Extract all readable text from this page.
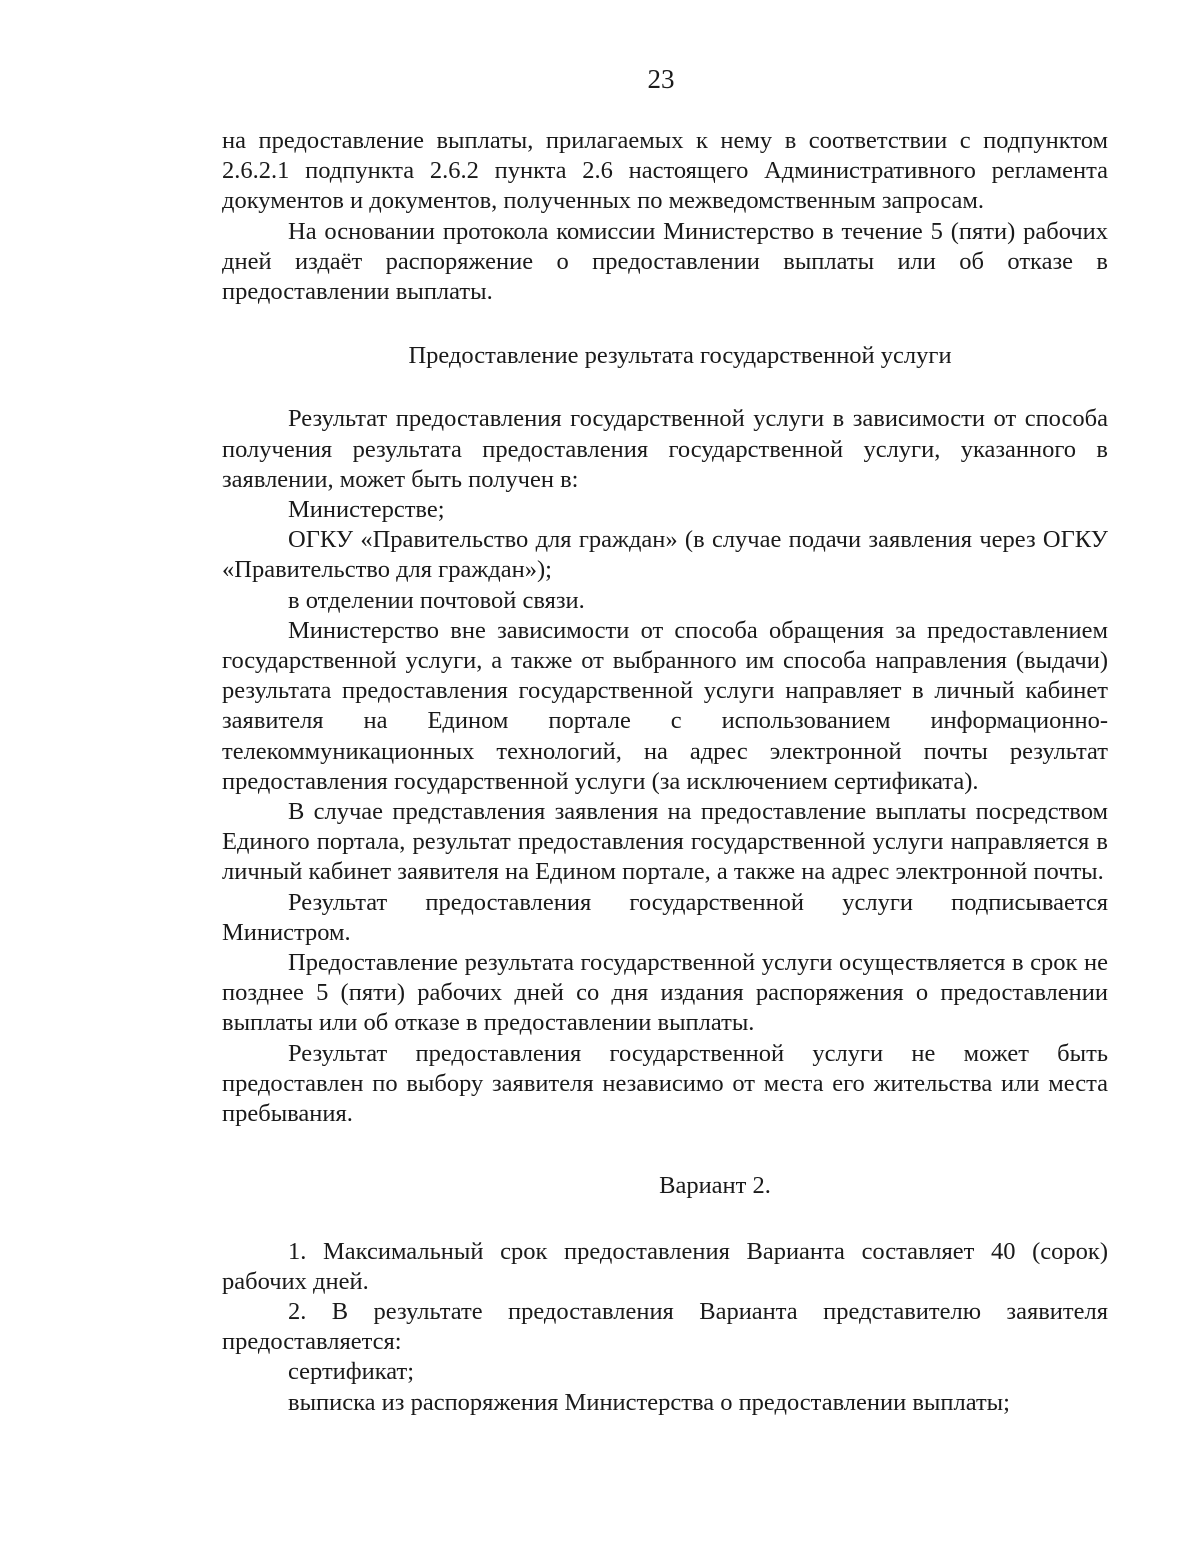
23

на предоставление выплаты, прилагаемых к нему в соответствии с подпунктом 2.6.2.1 подпункта 2.6.2 пункта 2.6 настоящего Административного регламента документов и документов, полученных по межведомственным запросам.

На основании протокола комиссии Министерство в течение 5 (пяти) рабочих дней издаёт распоряжение о предоставлении выплаты или об отказе в предоставлении выплаты.

Предоставление результата государственной услуги

Результат предоставления государственной услуги в зависимости от способа получения результата предоставления государственной услуги, указанного в заявлении, может быть получен в:

Министерстве;

ОГКУ «Правительство для граждан» (в случае подачи заявления через ОГКУ «Правительство для граждан»);

в отделении почтовой связи.

Министерство вне зависимости от способа обращения за предоставлением государственной услуги, а также от выбранного им способа направления (выдачи) результата предоставления государственной услуги направляет в личный кабинет заявителя на Едином портале с использованием информационно-телекоммуникационных технологий, на адрес электронной почты результат предоставления государственной услуги (за исключением сертификата).

В случае представления заявления на предоставление выплаты посредством Единого портала, результат предоставления государственной услуги направляется в личный кабинет заявителя на Едином портале, а также на адрес электронной почты.

Результат предоставления государственной услуги подписывается Министром.

Предоставление результата государственной услуги осуществляется в срок не позднее 5 (пяти) рабочих дней со дня издания распоряжения о предоставлении выплаты или об отказе в предоставлении выплаты.

Результат предоставления государственной услуги не может быть предоставлен по выбору заявителя независимо от места его жительства или места пребывания.

Вариант 2.

1. Максимальный срок предоставления Варианта составляет 40 (сорок) рабочих дней.

2. В результате предоставления Варианта представителю заявителя предоставляется:

сертификат;

выписка из распоряжения Министерства о предоставлении выплаты;
